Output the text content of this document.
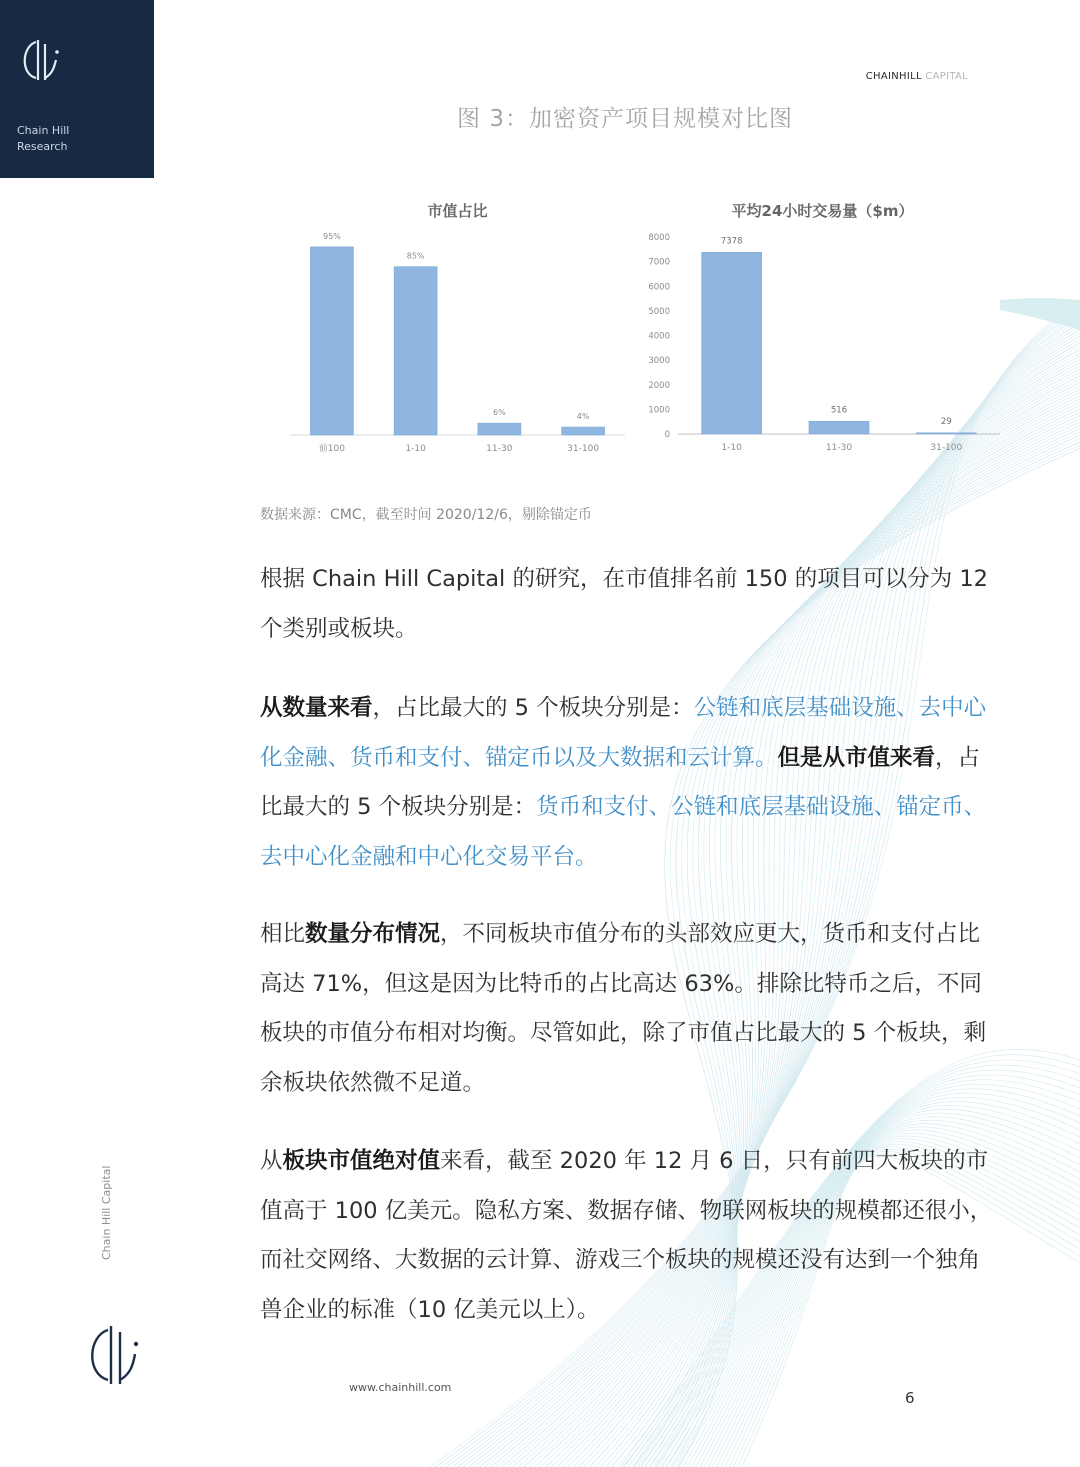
Chain Hill
Research
CHAINHILL CAPITAL
图 3：加密资产项目规模对比图
市值占比
95%
前100
85%
1-10
6%
11-30
4%
31-100
平均24小时交易量（$m）
0
1000
2000
3000
4000
5000
6000
7000
8000	7378
1-10
516
11-30
29
31-100
数据来源：CMC，截至时间 2020/12/6，剔除锚定币
根据 Chain Hill Capital 的研究，在市值排名前 150 的项目可以分为 12 个类别或板块。
从数量来看，占比最大的 5 个板块分别是：公链和底层基础设施、去中心化金融、货币和支付、锚定币以及大数据和云计算。但是从市值来看，占比最大的 5 个板块分别是：货币和支付、公链和底层基础设施、锚定币、去中心化金融和中心化交易平台。
相比数量分布情况，不同板块市值分布的头部效应更大，货币和支付占比高达 71%，但这是因为比特币的占比高达 63%。排除比特币之后，不同板块的市值分布相对均衡。尽管如此，除了市值占比最大的 5 个板块，剩余板块依然微不足道。
从板块市值绝对值来看，截至 2020 年 12 月 6 日，只有前四大板块的市值高于 100 亿美元。隐私方案、数据存储、物联网板块的规模都还很小，而社交网络、大数据的云计算、游戏三个板块的规模还没有达到一个独角兽企业的标准（10 亿美元以上）。
Chain Hill Capital
www.chainhill.com
6
